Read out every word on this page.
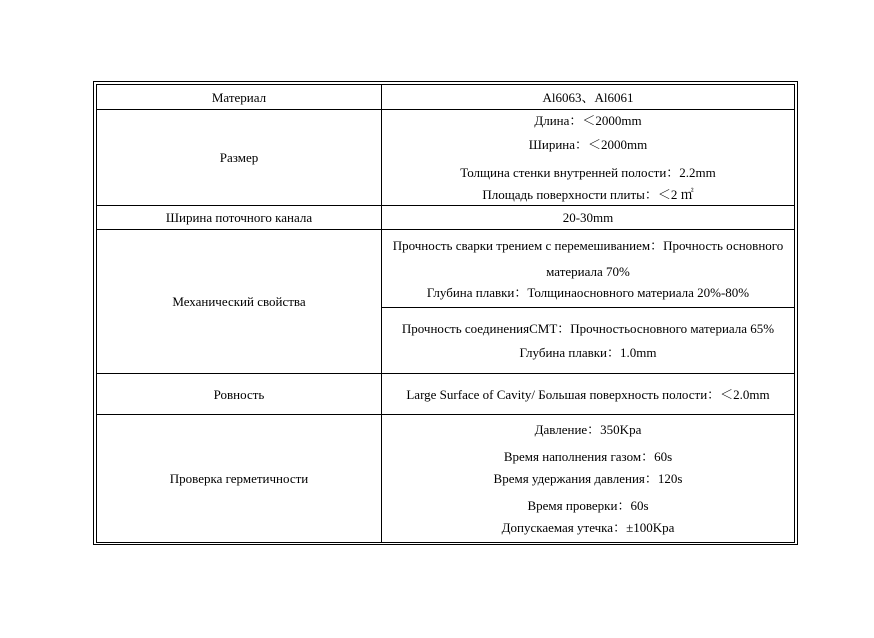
Материал	Al6063、Al6061
Размер	Длина：＜2000mm
Ширина：＜2000mm
Толщина стенки внутренней полости：2.2mm
Площадь поверхности плиты：＜2 ㎡

Ширина поточного канала	20-30mm
Механический свойства	Прочность сварки трением с перемешиванием：Прочность основного
материала 70%
Глубина плавки：Толщинаосновного материала 20%-80%
Прочность соединенияCMT：Прочностьосновного материала 65%
Глубина плавки：1.0mm

Ровность	Large Surface of Cavity/ Большая поверхность полости：＜2.0mm
Проверка герметичности	Давление：350Kpa
Время наполнения газом：60s
Время удержания давления：120s
Время проверки：60s
Допускаемая утечка：±100Kpa
